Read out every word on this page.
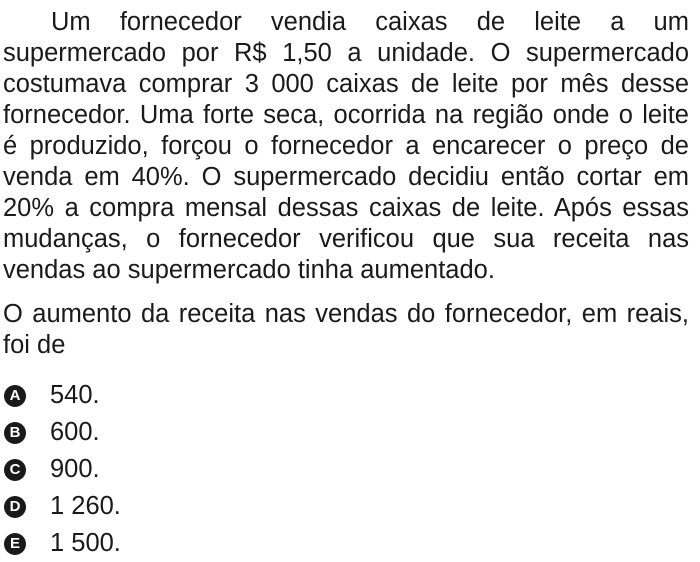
Um fornecedor vendia caixas de leite a um supermercado por R$ 1,50 a unidade. O supermercado costumava comprar 3 000 caixas de leite por mês desse fornecedor. Uma forte seca, ocorrida na região onde o leite é produzido, forçou o fornecedor a encarecer o preço de venda em 40%. O supermercado decidiu então cortar em 20% a compra mensal dessas caixas de leite. Após essas mudanças, o fornecedor verificou que sua receita nas vendas ao supermercado tinha aumentado.

O aumento da receita nas vendas do fornecedor, em reais, foi de

A 540.
B 600.
C 900.
D 1 260.
E 1 500.
